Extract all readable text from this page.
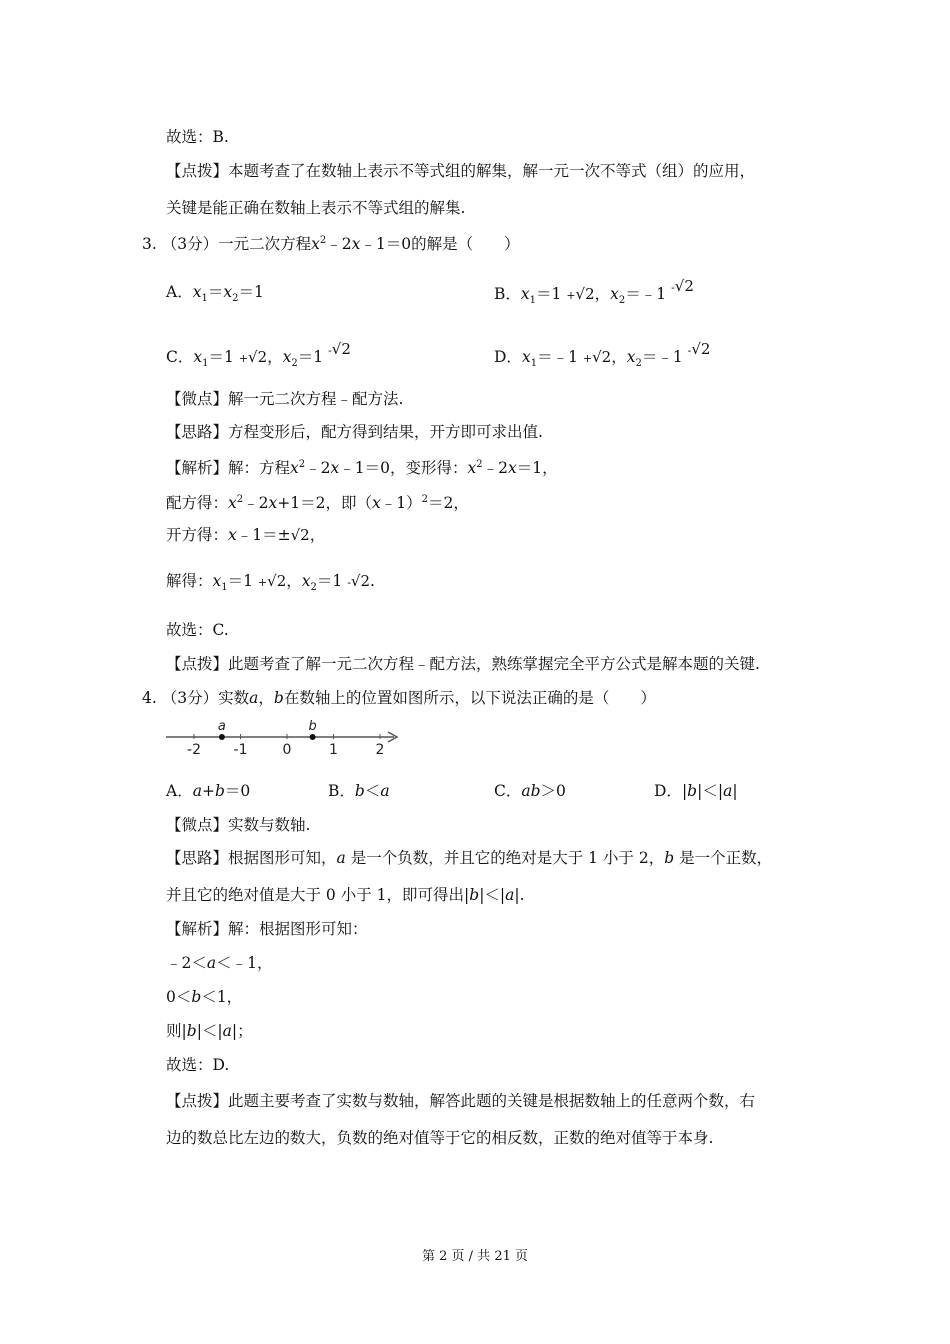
故选：B.
【点拨】本题考查了在数轴上表示不等式组的解集，解一元一次不等式（组）的应用，
关键是能正确在数轴上表示不等式组的解集.
3. （3分）一元二次方程$x^2﹣2x﹣1=0$的解是（　　）
A．$x_1=x_2=1$	B．$x_1=1 +√2$，$x_2=﹣1$ -√2
C．$x_1=1 +√2$，$x_2=1$ -√2	D．$x_1=﹣1 +√2$，$x_2=﹣1$ -√2
【微点】解一元二次方程﹣配方法.
【思路】方程变形后，配方得到结果，开方即可求出值.
【解析】解：方程$x^2﹣2x﹣1=0$，变形得：$x^2﹣2x=1$，
配方得：$x^2﹣2x+1=2$，即（x﹣1）$^2$＝2，
开方得：x﹣1＝±√2，
解得：$x_1=1 +√2$，$x_2=1$ -√2.
故选：C.
【点拨】此题考查了解一元二次方程﹣配方法，熟练掌握完全平方公式是解本题的关键.
4. （3分）实数a，b在数轴上的位置如图所示，以下说法正确的是（　　）
-2 -1	0	1	2
a	b
A．a+b＝0	B．b＜a	C．ab＞0	D．|b|＜|a|
【微点】实数与数轴.
【思路】根据图形可知，a 是一个负数，并且它的绝对是大于 1 小于 2，b 是一个正数，
并且它的绝对值是大于 0 小于 1，即可得出|b|＜|a|.
【解析】解：根据图形可知：
﹣2＜a＜﹣1，
0＜b＜1，
则|b|＜|a|；
故选：D.
【点拨】此题主要考查了实数与数轴，解答此题的关键是根据数轴上的任意两个数，右
边的数总比左边的数大，负数的绝对值等于它的相反数，正数的绝对值等于本身.
第 2 页 / 共 21 页
